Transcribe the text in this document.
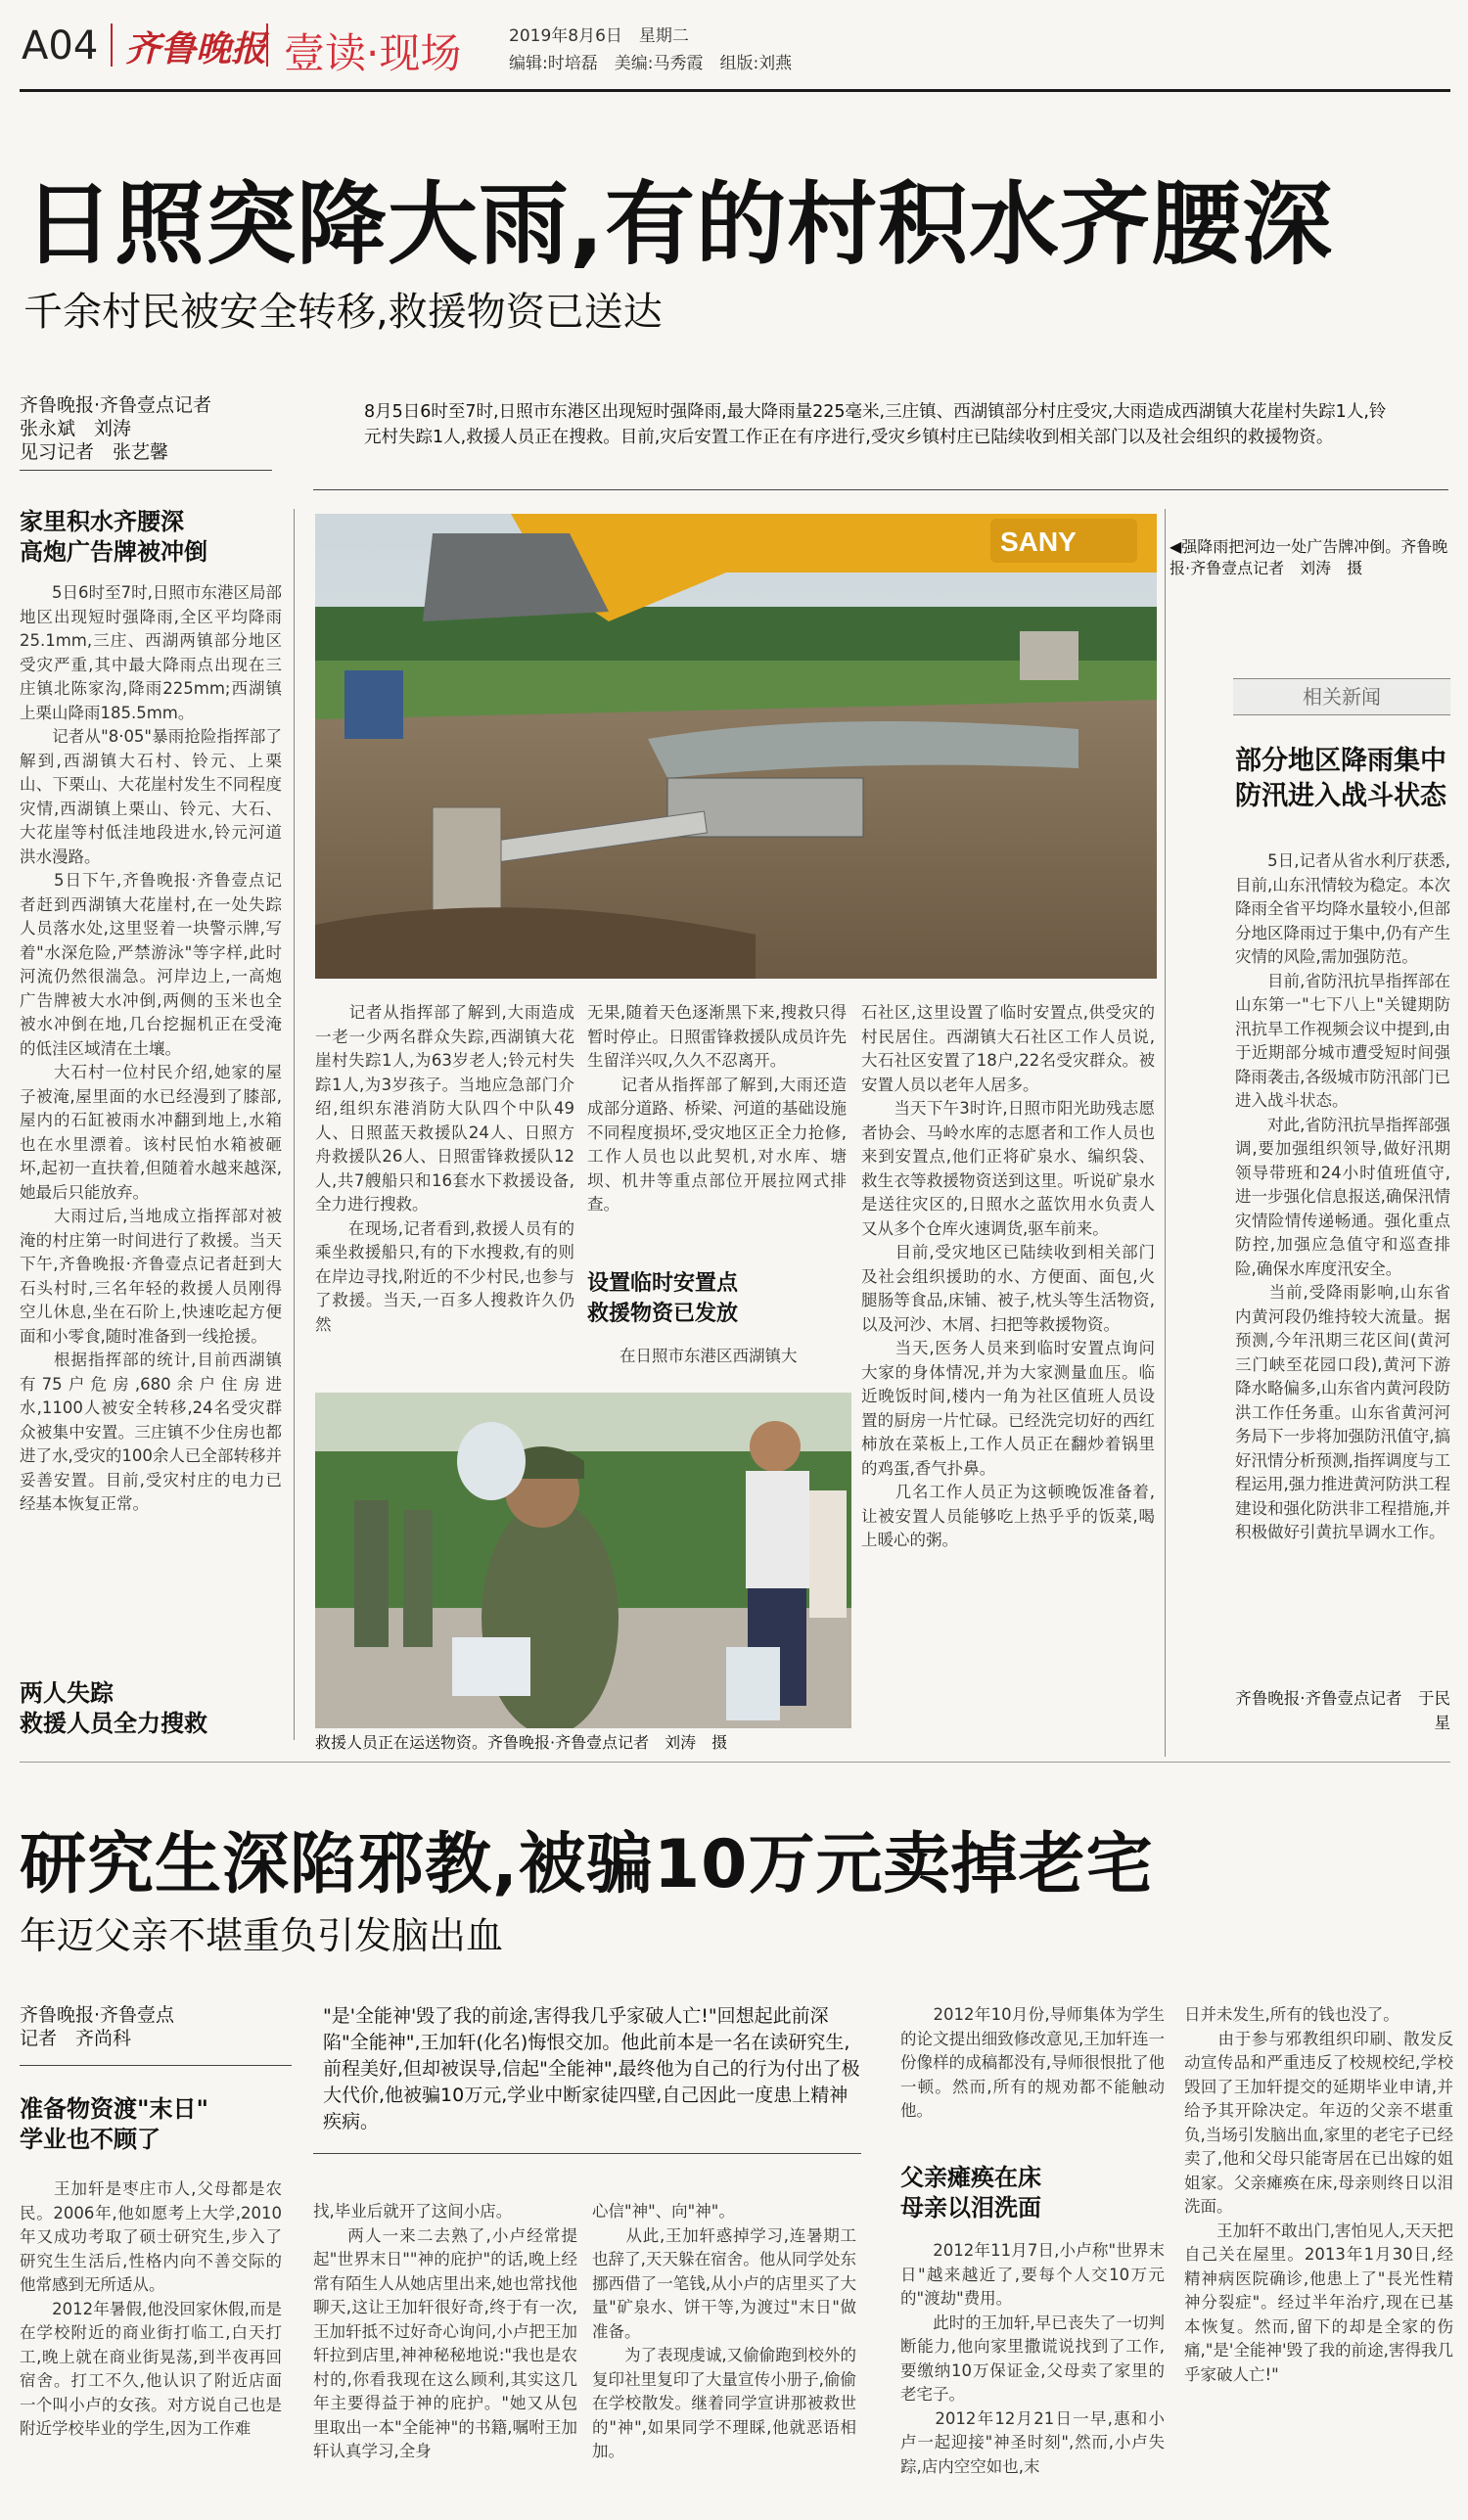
A04 齐鲁晚报 壹读·现场	2019年8月6日　 星期二
编辑:时培磊　美编:马秀霞　组版:刘燕
日照突降大雨,有的村积水齐腰深
千余村民被安全转移,救援物资已送达
齐鲁晚报·齐鲁壹点记者
张永斌　刘涛
见习记者　张艺馨
8月5日6时至7时,日照市东港区出现短时强降雨,最大降雨量225毫米,三庄镇、西湖镇部分村庄受灾,大雨造成西湖镇大花崖村失踪1人,铃元村失踪1人,救援人员正在搜救。目前,灾后安置工作正在有序进行,受灾乡镇村庄已陆续收到相关部门以及社会组织的救援物资。
家里积水齐腰深
高炮广告牌被冲倒
　　5日6时至7时,日照市东港区局部地区出现短时强降雨,全区平均降雨25.1mm,三庄、西湖两镇部分地区受灾严重,其中最大降雨点出现在三庄镇北陈家沟,降雨225mm;西湖镇上栗山降雨185.5mm。
　　记者从"8·05"暴雨抢险指挥部了解到,西湖镇大石村、铃元、上栗山、下栗山、大花崖村发生不同程度灾情,西湖镇上栗山、铃元、大石、大花崖等村低洼地段进水,铃元河道洪水漫路。
　　5日下午,齐鲁晚报·齐鲁壹点记者赶到西湖镇大花崖村,在一处失踪人员落水处,这里竖着一块警示牌,写着"水深危险,严禁游泳"等字样,此时河流仍然很湍急。河岸边上,一高炮广告牌被大水冲倒,两侧的玉米也全被水冲倒在地,几台挖掘机正在受淹的低洼区域清在土壤。
　　大石村一位村民介绍,她家的屋子被淹,屋里面的水已经漫到了膝部,屋内的石缸被雨水冲翻到地上,水箱也在水里漂着。该村民怕水箱被砸坏,起初一直扶着,但随着水越来越深,她最后只能放弃。
　　大雨过后,当地成立指挥部对被淹的村庄第一时间进行了救援。当天下午,齐鲁晚报·齐鲁壹点记者赶到大石头村时,三名年轻的救援人员刚得空儿休息,坐在石阶上,快速吃起方便面和小零食,随时准备到一线抢援。
　　根据指挥部的统计,目前西湖镇有75户危房,680余户住房进水,1100人被安全转移,24名受灾群众被集中安置。三庄镇不少住房也都进了水,受灾的100余人已全部转移并妥善安置。目前,受灾村庄的电力已经基本恢复正常。
两人失踪
救援人员全力搜救
SANY	◀强降雨把河边一处广告牌冲倒。齐鲁晚报·齐鲁壹点记者　刘涛　摄
　　记者从指挥部了解到,大雨造成一老一少两名群众失踪,西湖镇大花崖村失踪1人,为63岁老人;铃元村失踪1人,为3岁孩子。当地应急部门介绍,组织东港消防大队四个中队49人、日照蓝天救援队24人、日照方舟救援队26人、日照雷锋救援队12人,共7艘船只和16套水下救援设备,全力进行搜救。
　　在现场,记者看到,救援人员有的乘坐救援船只,有的下水搜救,有的则在岸边寻找,附近的不少村民,也参与了救援。当天,一百多人搜救许久仍然
无果,随着天色逐渐黑下来,搜救只得暂时停止。日照雷锋救援队成员许先生留洋兴叹,久久不忍离开。
　　记者从指挥部了解到,大雨还造成部分道路、桥梁、河道的基础设施不同程度损坏,受灾地区正全力抢修,工作人员也以此契机,对水库、塘坝、机井等重点部位开展拉网式排查。
设置临时安置点
救援物资已发放
　　在日照市东港区西湖镇大
石社区,这里设置了临时安置点,供受灾的村民居住。西湖镇大石社区工作人员说,大石社区安置了18户,22名受灾群众。被安置人员以老年人居多。
　　当天下午3时许,日照市阳光助残志愿者协会、马岭水库的志愿者和工作人员也来到安置点,他们正将矿泉水、编织袋、救生衣等救援物资送到这里。听说矿泉水是送往灾区的,日照水之蓝饮用水负责人又从多个仓库火速调货,驱车前来。
　　目前,受灾地区已陆续收到相关部门及社会组织援助的水、方便面、面包,火腿肠等食品,床铺、被子,枕头等生活物资,以及河沙、木屑、扫把等救援物资。
　　当天,医务人员来到临时安置点询问大家的身体情况,并为大家测量血压。临近晚饭时间,楼内一角为社区值班人员设置的厨房一片忙碌。已经洗完切好的西红柿放在菜板上,工作人员正在翻炒着锅里的鸡蛋,香气扑鼻。
　　几名工作人员正为这顿晚饭准备着,让被安置人员能够吃上热乎乎的饭菜,喝上暖心的粥。
救援人员正在运送物资。齐鲁晚报·齐鲁壹点记者　刘涛　摄
相关新闻
部分地区降雨集中
防汛进入战斗状态
　　5日,记者从省水利厅获悉,目前,山东汛情较为稳定。本次降雨全省平均降水量较小,但部分地区降雨过于集中,仍有产生灾情的风险,需加强防范。
　　目前,省防汛抗旱指挥部在山东第一"七下八上"关键期防汛抗旱工作视频会议中提到,由于近期部分城市遭受短时间强降雨袭击,各级城市防汛部门已进入战斗状态。
　　对此,省防汛抗旱指挥部强调,要加强组织领导,做好汛期领导带班和24小时值班值守,进一步强化信息报送,确保汛情灾情险情传递畅通。强化重点防控,加强应急值守和巡查排险,确保水库度汛安全。
　　当前,受降雨影响,山东省内黄河段仍维持较大流量。据预测,今年汛期三花区间(黄河三门峡至花园口段),黄河下游降水略偏多,山东省内黄河段防洪工作任务重。山东省黄河河务局下一步将加强防汛值守,搞好汛情分析预测,指挥调度与工程运用,强力推进黄河防洪工程建设和强化防洪非工程措施,并积极做好引黄抗旱调水工作。
齐鲁晚报·齐鲁壹点记者　于民星
研究生深陷邪教,被骗10万元卖掉老宅
年迈父亲不堪重负引发脑出血
齐鲁晚报·齐鲁壹点
记者　齐尚科
"是'全能神'毁了我的前途,害得我几乎家破人亡!"回想起此前深陷"全能神",王加轩(化名)悔恨交加。他此前本是一名在读研究生,前程美好,但却被误导,信起"全能神",最终他为自己的行为付出了极大代价,他被骗10万元,学业中断家徒四壁,自己因此一度患上精神疾病。
准备物资渡"末日"
学业也不顾了
　　王加轩是枣庄市人,父母都是农民。2006年,他如愿考上大学,2010年又成功考取了硕士研究生,步入了研究生生活后,性格内向不善交际的他常感到无所适从。
　　2012年暑假,他没回家休假,而是在学校附近的商业街打临工,白天打工,晚上就在商业街晃荡,到半夜再回宿舍。打工不久,他认识了附近店面一个叫小卢的女孩。对方说自己也是附近学校毕业的学生,因为工作难
找,毕业后就开了这间小店。
　　两人一来二去熟了,小卢经常提起"世界末日""神的庇护"的话,晚上经常有陌生人从她店里出来,她也常找他聊天,这让王加轩很好奇,终于有一次,王加轩抵不过好奇心询问,小卢把王加轩拉到店里,神神秘秘地说:"我也是农村的,你看我现在这么顾利,其实这几年主要得益于神的庇护。"她又从包里取出一本"全能神"的书籍,嘱咐王加轩认真学习,全身
心信"神"、向"神"。
　　从此,王加轩惑掉学习,连暑期工也辞了,天天躲在宿舍。他从同学处东挪西借了一笔钱,从小卢的店里买了大量"矿泉水、饼干等,为渡过"末日"做准备。
　　为了表现虔诚,又偷偷跑到校外的复印社里复印了大量宣传小册子,偷偷在学校散发。继着同学宣讲那被救世的"神",如果同学不理睬,他就恶语相加。
　　2012年10月份,导师集体为学生的论文提出细致修改意见,王加轩连一份像样的成稿都没有,导师很恨批了他一顿。然而,所有的规劝都不能触动他。
父亲瘫痪在床
母亲以泪洗面
　　2012年11月7日,小卢称"世界末日"越来越近了,要每个人交10万元的"渡劫"费用。
　　此时的王加轩,早已丧失了一切判断能力,他向家里撒谎说找到了工作,要缴纳10万保证金,父母卖了家里的老宅子。
　　2012年12月21日一早,惠和小卢一起迎接"神圣时刻",然而,小卢失踪,店内空空如也,末
日并未发生,所有的钱也没了。
　　由于参与邪教组织印刷、散发反动宣传品和严重违反了校规校纪,学校毁回了王加轩提交的延期毕业申请,并给予其开除决定。年迈的父亲不堪重负,当场引发脑出血,家里的老宅子已经卖了,他和父母只能寄居在已出嫁的姐姐家。父亲瘫痪在床,母亲则终日以泪洗面。
　　王加轩不敢出门,害怕见人,天天把自己关在屋里。2013年1月30日,经精神病医院确诊,他患上了"長光性精神分裂症"。经过半年治疗,现在已基本恢复。然而,留下的却是全家的伤痛,"是'全能神'毁了我的前途,害得我几乎家破人亡!"
